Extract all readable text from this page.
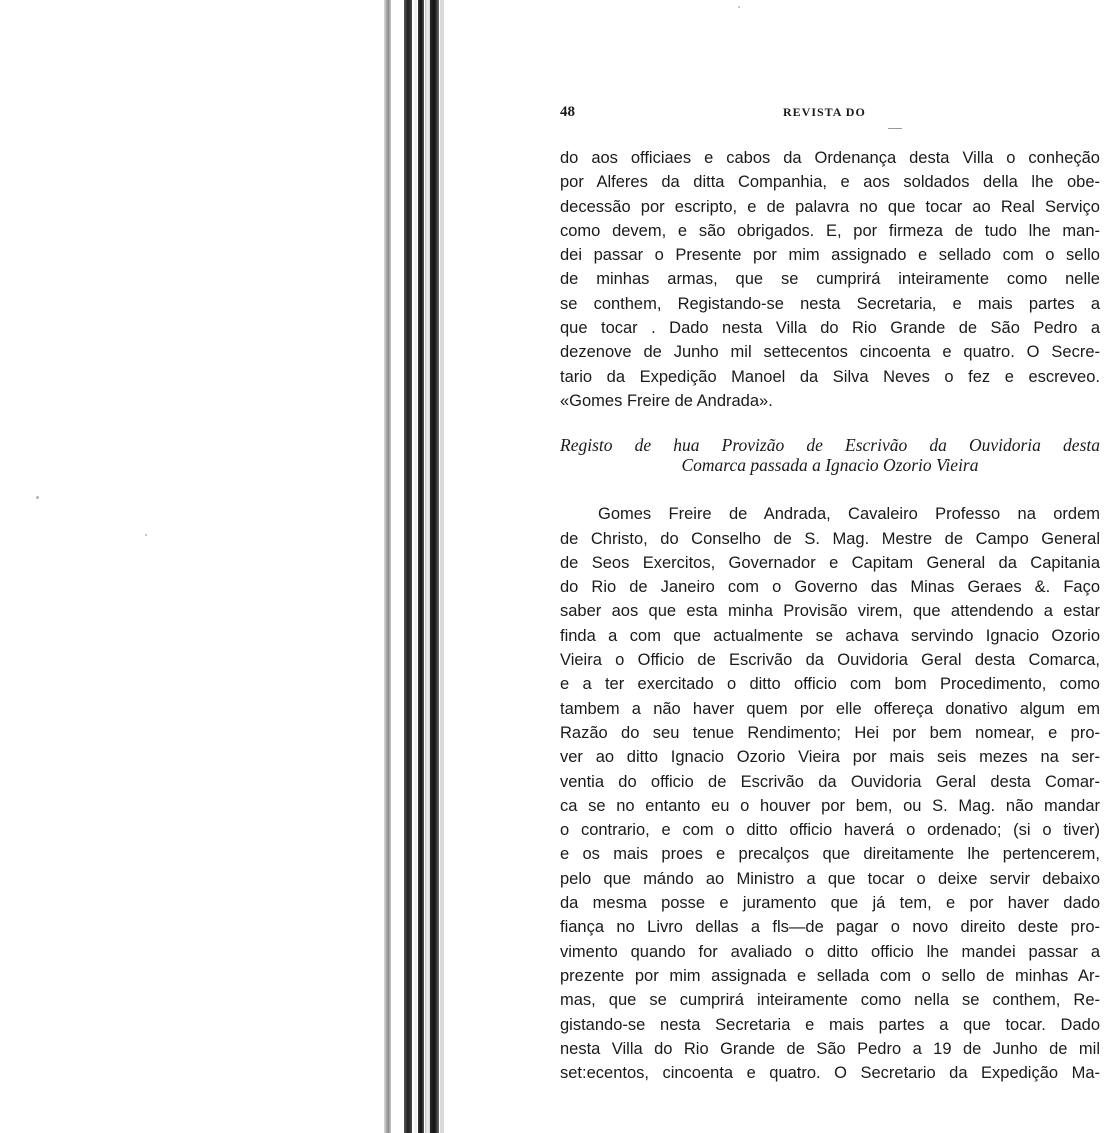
48	REVISTA DO
do aos officiaes e cabos da Ordenança desta Villa o conheção
por Alferes da ditta Companhia, e aos soldados della lhe obe-
decessão por escripto, e de palavra no que tocar ao Real Serviço
como devem, e são obrigados. E, por firmeza de tudo lhe man-
dei passar o Presente por mim assignado e sellado com o sello
de minhas armas, que se cumprirá inteiramente como nelle
se conthem, Registando-se nesta Secretaria, e mais partes a
que tocar . Dado nesta Villa do Rio Grande de São Pedro a
dezenove de Junho mil settecentos cincoenta e quatro. O Secre-
tario da Expedição Manoel da Silva Neves o fez e escreveo.
«Gomes Freire de Andrada».
Registo de hua Provizão de Escrivão da Ouvidoria desta
Comarca passada a Ignacio Ozorio Vieira
Gomes Freire de Andrada, Cavaleiro Professo na ordem
de Christo, do Conselho de S. Mag. Mestre de Campo General
de Seos Exercitos, Governador e Capitam General da Capitania
do Rio de Janeiro com o Governo das Minas Geraes &. Faço
saber aos que esta minha Provisão virem, que attendendo a estar
finda a com que actualmente se achava servindo Ignacio Ozorio
Vieira o Officio de Escrivão da Ouvidoria Geral desta Comarca,
e a ter exercitado o ditto officio com bom Procedimento, como
tambem a não haver quem por elle offereça donativo algum em
Razão do seu tenue Rendimento; Hei por bem nomear, e pro-
ver ao ditto Ignacio Ozorio Vieira por mais seis mezes na ser-
ventia do officio de Escrivão da Ouvidoria Geral desta Comar-
ca se no entanto eu o houver por bem, ou S. Mag. não mandar
o contrario, e com o ditto officio haverá o ordenado; (si o tiver)
e os mais proes e precalços que direitamente lhe pertencerem,
pelo que mándo ao Ministro a que tocar o deixe servir debaixo
da mesma posse e juramento que já tem, e por haver dado
fiança no Livro dellas a fls—de pagar o novo direito deste pro-
vimento quando for avaliado o ditto officio lhe mandei passar a
prezente por mim assignada e sellada com o sello de minhas Ar-
mas, que se cumprirá inteiramente como nella se conthem, Re-
gistando-se nesta Secretaria e mais partes a que tocar. Dado
nesta Villa do Rio Grande de São Pedro a 19 de Junho de mil
set:ecentos, cincoenta e quatro. O Secretario da Expedição Ma-
